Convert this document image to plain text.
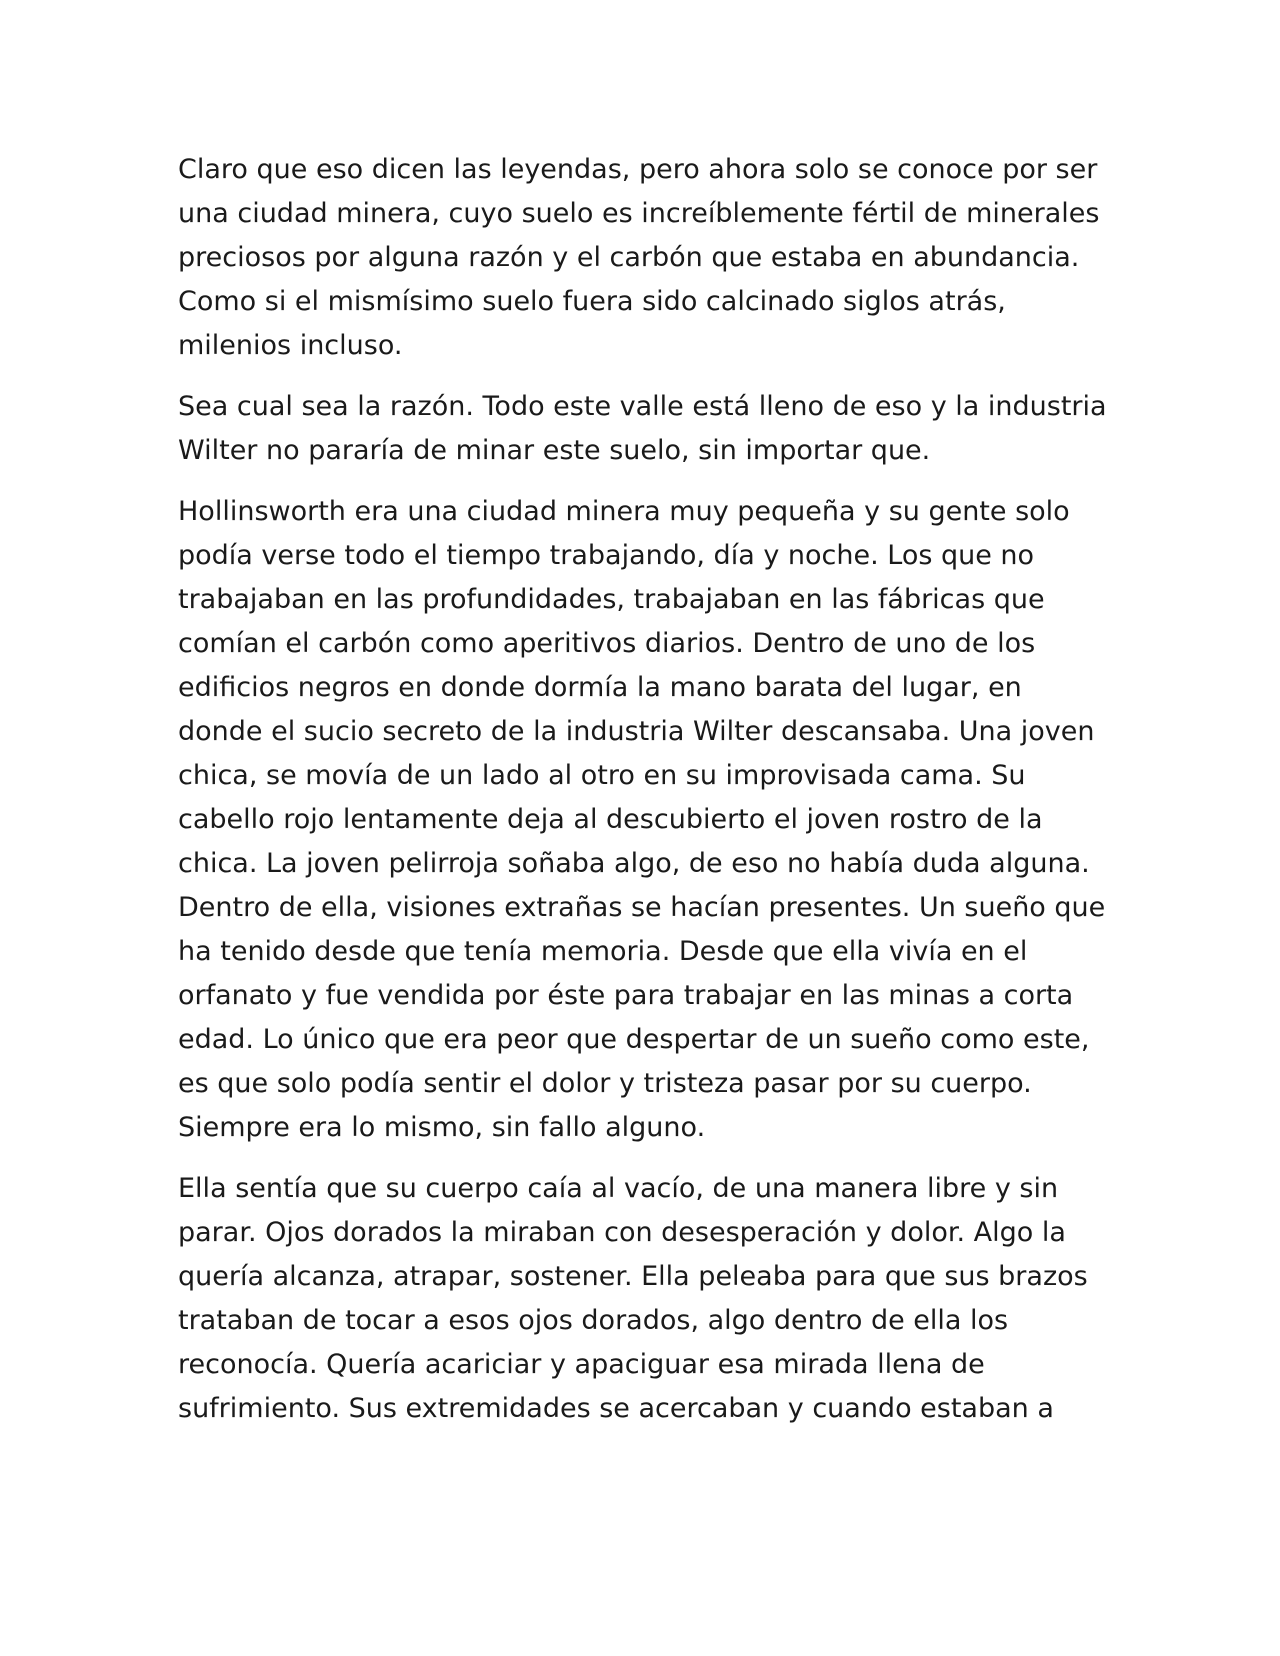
Claro que eso dicen las leyendas, pero ahora solo se conoce por ser
una ciudad minera, cuyo suelo es increíblemente fértil de minerales
preciosos por alguna razón y el carbón que estaba en abundancia.
Como si el mismísimo suelo fuera sido calcinado siglos atrás,
milenios incluso.

Sea cual sea la razón. Todo este valle está lleno de eso y la industria
Wilter no pararía de minar este suelo, sin importar que.

Hollinsworth era una ciudad minera muy pequeña y su gente solo
podía verse todo el tiempo trabajando, día y noche. Los que no
trabajaban en las profundidades, trabajaban en las fábricas que
comían el carbón como aperitivos diarios. Dentro de uno de los
edificios negros en donde dormía la mano barata del lugar, en
donde el sucio secreto de la industria Wilter descansaba. Una joven
chica, se movía de un lado al otro en su improvisada cama. Su
cabello rojo lentamente deja al descubierto el joven rostro de la
chica. La joven pelirroja soñaba algo, de eso no había duda alguna.
Dentro de ella, visiones extrañas se hacían presentes. Un sueño que
ha tenido desde que tenía memoria. Desde que ella vivía en el
orfanato y fue vendida por éste para trabajar en las minas a corta
edad. Lo único que era peor que despertar de un sueño como este,
es que solo podía sentir el dolor y tristeza pasar por su cuerpo.
Siempre era lo mismo, sin fallo alguno.

Ella sentía que su cuerpo caía al vacío, de una manera libre y sin
parar. Ojos dorados la miraban con desesperación y dolor. Algo la
quería alcanza, atrapar, sostener. Ella peleaba para que sus brazos
trataban de tocar a esos ojos dorados, algo dentro de ella los
reconocía. Quería acariciar y apaciguar esa mirada llena de
sufrimiento. Sus extremidades se acercaban y cuando estaban a
